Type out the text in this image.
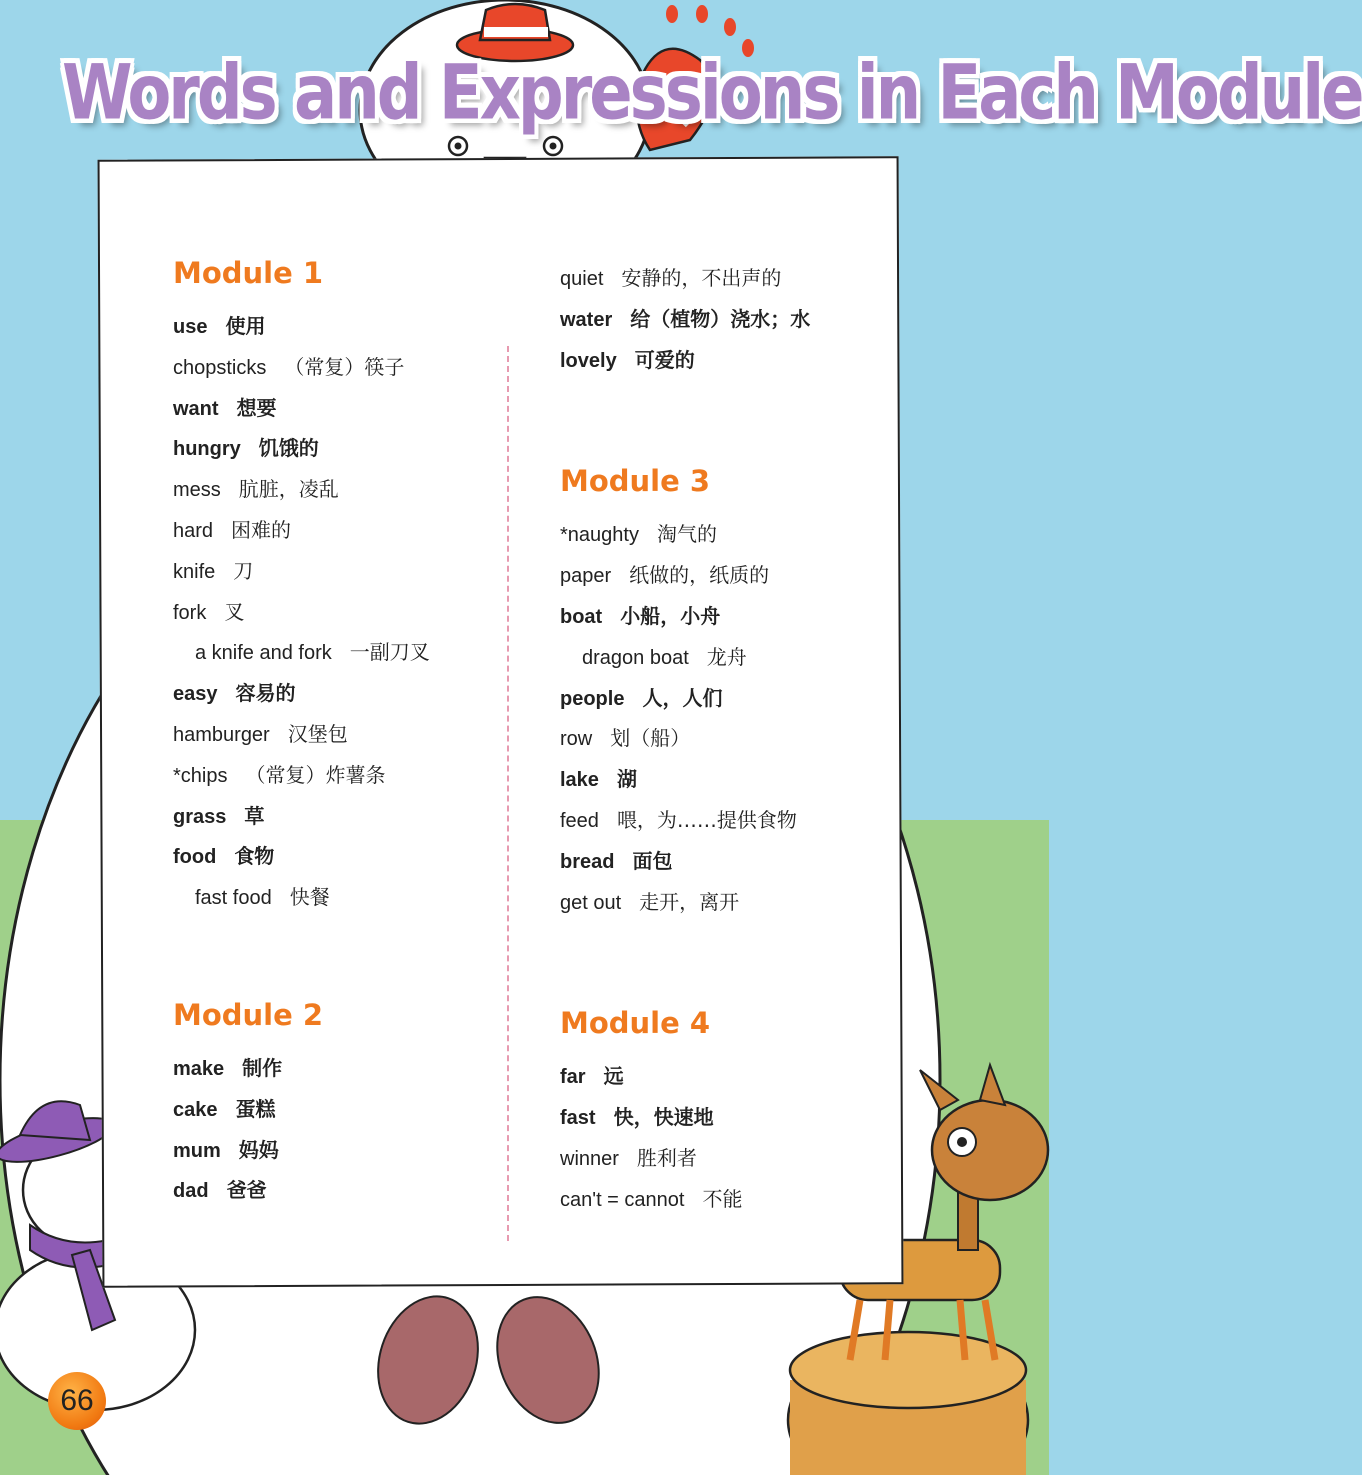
Words and Expressions in Each Module
Module 1
use 使用
chopsticks （常复）筷子
want 想要
hungry 饥饿的
mess 肮脏，凌乱
hard 困难的
knife 刀
fork 叉
a knife and fork 一副刀叉
easy 容易的
hamburger 汉堡包
*chips （常复）炸薯条
grass 草
food 食物
fast food 快餐
Module 2
make 制作
cake 蛋糕
mum 妈妈
dad 爸爸
quiet 安静的，不出声的
water 给（植物）浇水；水
lovely 可爱的
Module 3
*naughty 淘气的
paper 纸做的，纸质的
boat 小船，小舟
dragon boat 龙舟
people 人，人们
row 划（船）
lake 湖
feed 喂，为……提供食物
bread 面包
get out 走开，离开
Module 4
far 远
fast 快，快速地
winner 胜利者
can't = cannot 不能
66
